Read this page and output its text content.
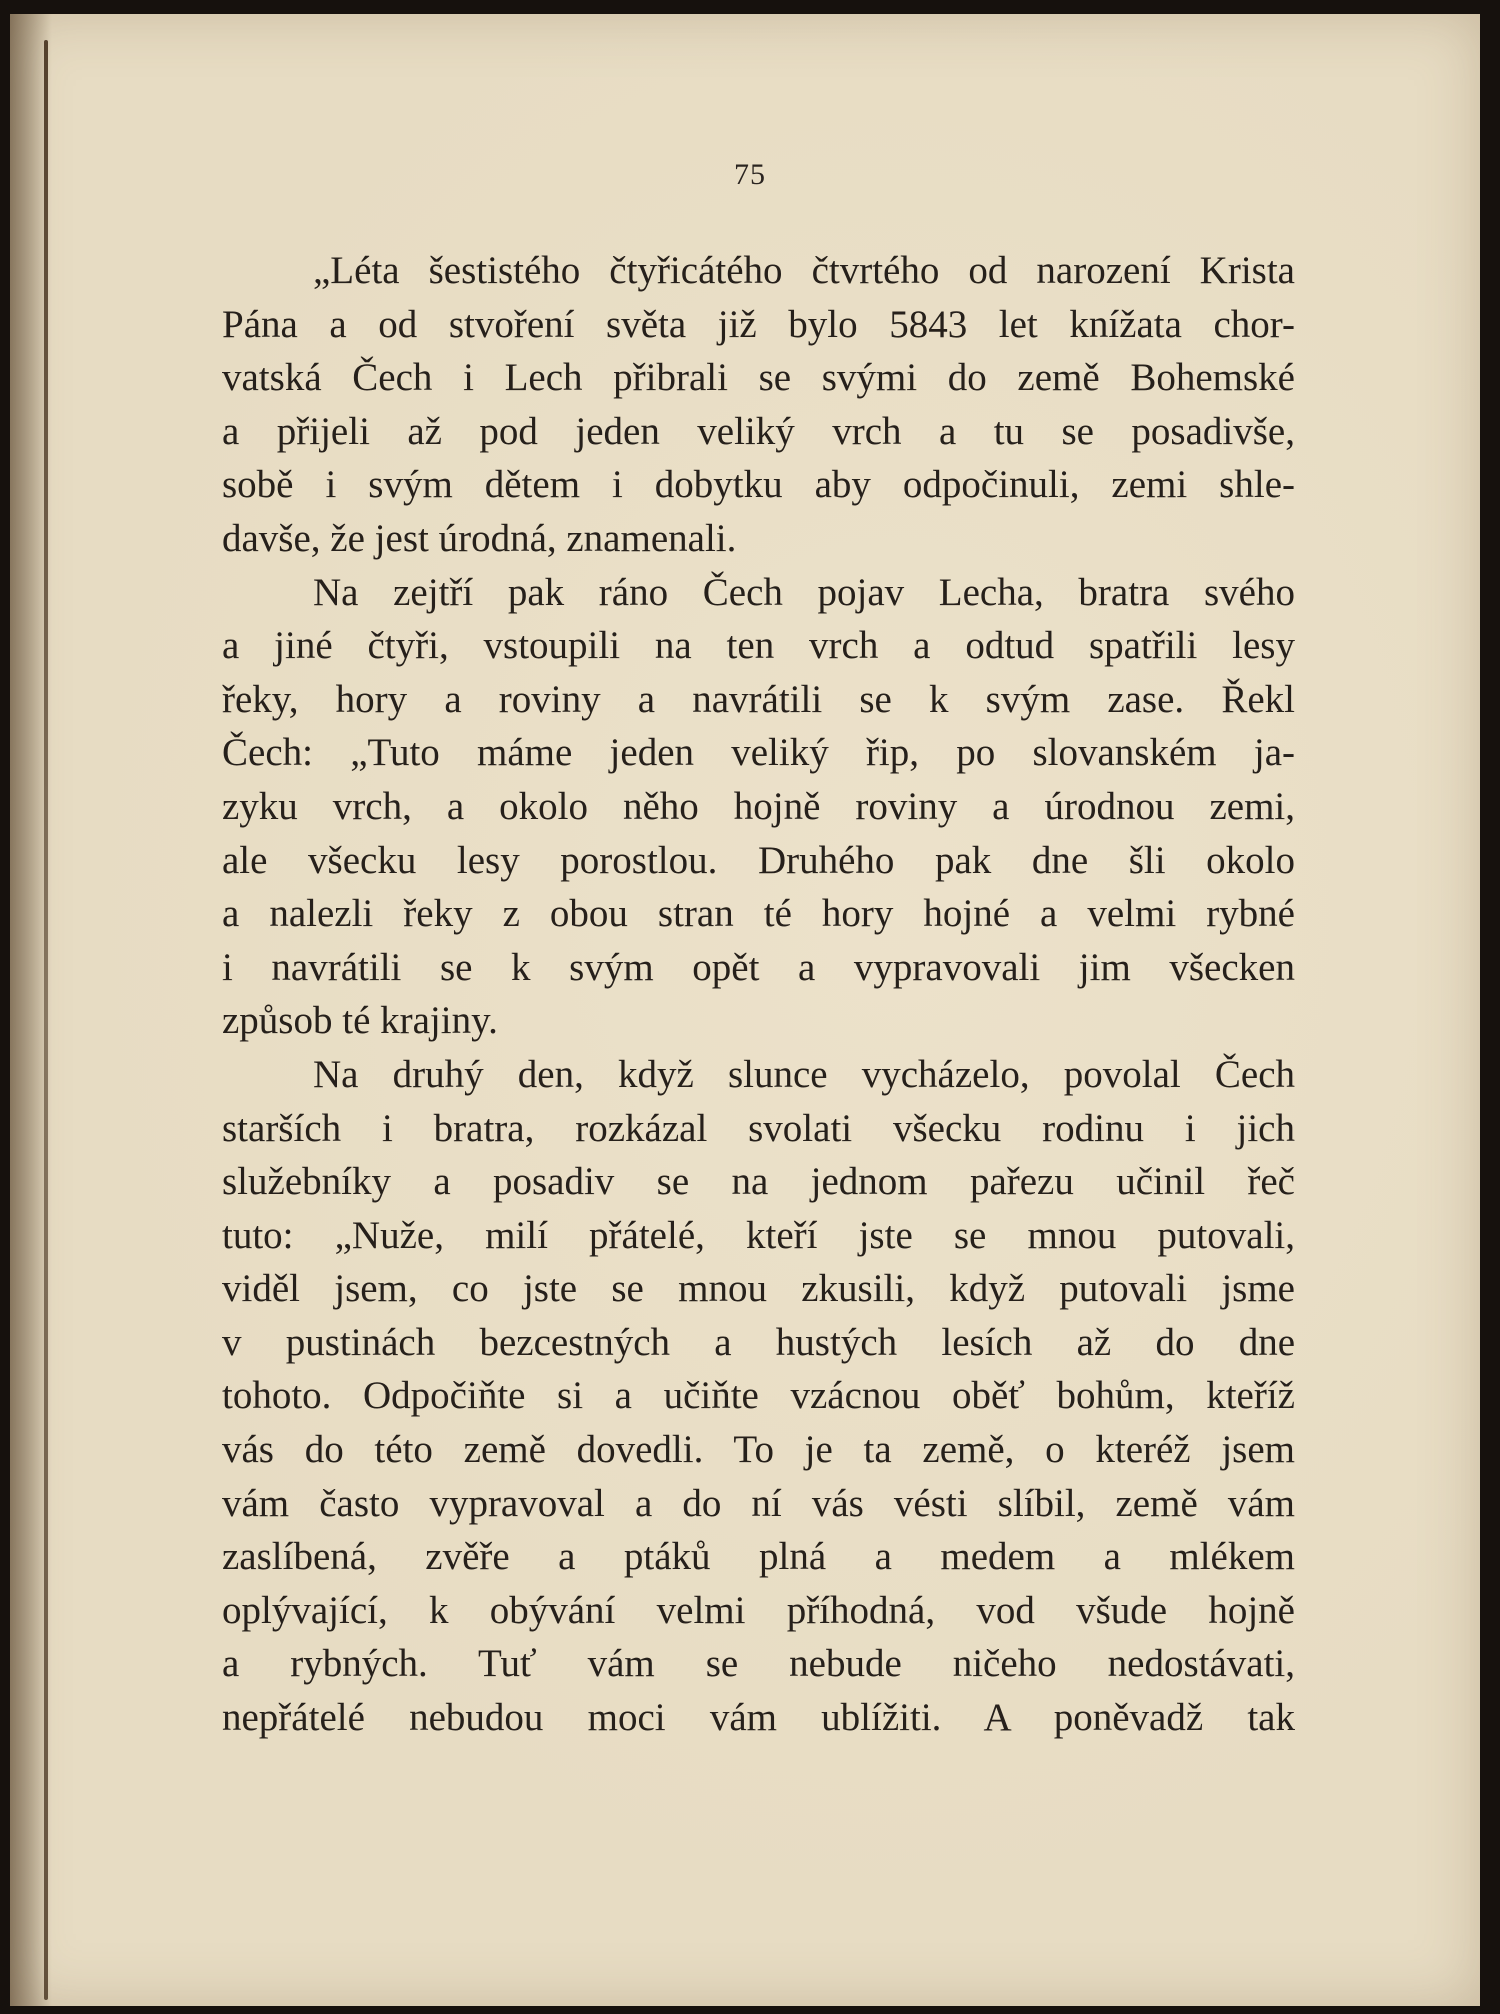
75
„Léta šestistého čtyřicátého čtvrtého od narození Krista
Pána a od stvoření světa již bylo 5843 let knížata chor-
vatská Čech i Lech přibrali se svými do země Bohemské
a přijeli až pod jeden veliký vrch a tu se posadivše,
sobě i svým dětem i dobytku aby odpočinuli, zemi shle-
davše, že jest úrodná, znamenali.
Na zejtří pak ráno Čech pojav Lecha, bratra svého
a jiné čtyři, vstoupili na ten vrch a odtud spatřili lesy
řeky, hory a roviny a navrátili se k svým zase. Řekl
Čech: „Tuto máme jeden veliký řip, po slovanském ja-
zyku vrch, a okolo něho hojně roviny a úrodnou zemi,
ale všecku lesy porostlou. Druhého pak dne šli okolo
a nalezli řeky z obou stran té hory hojné a velmi rybné
i navrátili se k svým opět a vypravovali jim všecken
způsob té krajiny.
Na druhý den, když slunce vycházelo, povolal Čech
starších i bratra, rozkázal svolati všecku rodinu i jich
služebníky a posadiv se na jednom pařezu učinil řeč
tuto: „Nuže, milí přátelé, kteří jste se mnou putovali,
viděl jsem, co jste se mnou zkusili, když putovali jsme
v pustinách bezcestných a hustých lesích až do dne
tohoto. Odpočiňte si a učiňte vzácnou oběť bohům, kteříž
vás do této země dovedli. To je ta země, o kteréž jsem
vám často vypravoval a do ní vás vésti slíbil, země vám
zaslíbená, zvěře a ptáků plná a medem a mlékem
oplývající, k obývání velmi příhodná, vod všude hojně
a rybných. Tuť vám se nebude ničeho nedostávati,
nepřátelé nebudou moci vám ublížiti. A poněvadž tak
